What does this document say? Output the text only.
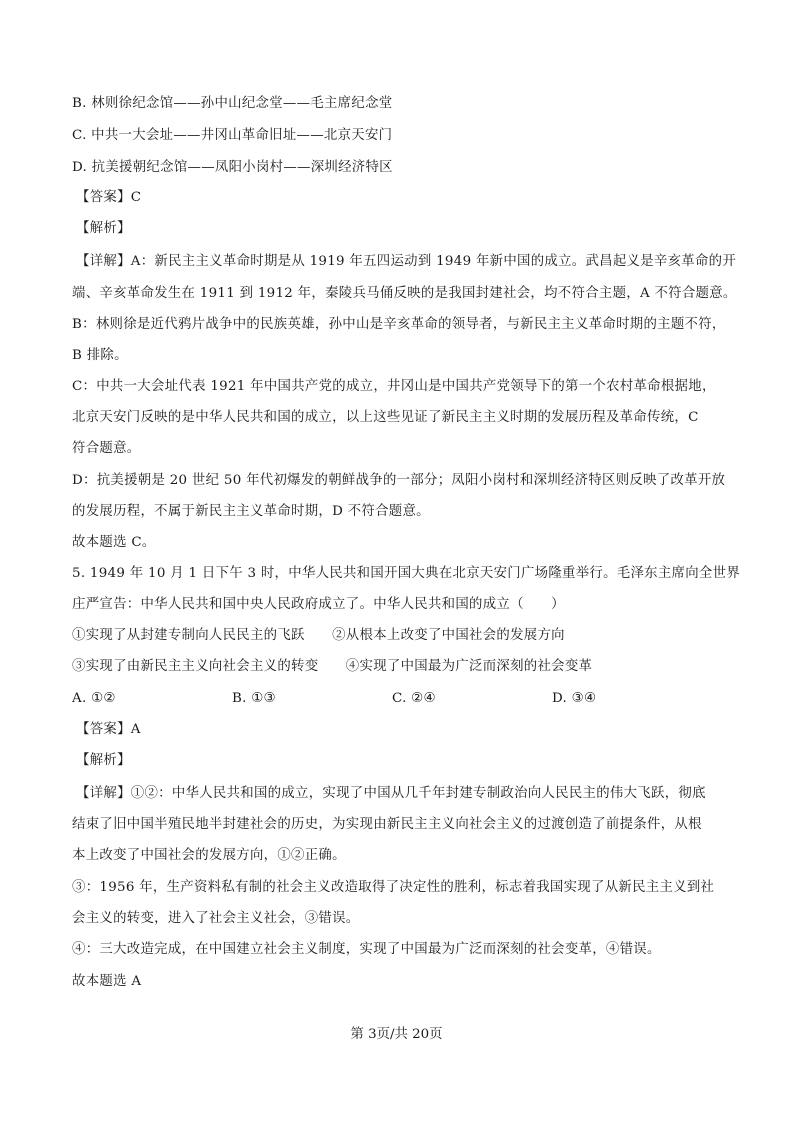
B. 林则徐纪念馆——孙中山纪念堂——毛主席纪念堂
C. 中共一大会址——井冈山革命旧址——北京天安门
D. 抗美援朝纪念馆——凤阳小岗村——深圳经济特区
【答案】C
【解析】
【详解】A：新民主主义革命时期是从 1919 年五四运动到 1949 年新中国的成立。武昌起义是辛亥革命的开
端、辛亥革命发生在 1911 到 1912 年，秦陵兵马俑反映的是我国封建社会，均不符合主题，A 不符合题意。
B：林则徐是近代鸦片战争中的民族英雄，孙中山是辛亥革命的领导者，与新民主主义革命时期的主题不符，
B 排除。
C：中共一大会址代表 1921 年中国共产党的成立，井冈山是中国共产党领导下的第一个农村革命根据地，
北京天安门反映的是中华人民共和国的成立，以上这些见证了新民主主义时期的发展历程及革命传统，C
符合题意。
D：抗美援朝是 20 世纪 50 年代初爆发的朝鲜战争的一部分；凤阳小岗村和深圳经济特区则反映了改革开放
的发展历程，不属于新民主主义革命时期，D 不符合题意。
故本题选 C。
5. 1949 年 10 月 1 日下午 3 时，中华人民共和国开国大典在北京天安门广场隆重举行。毛泽东主席向全世界
庄严宣告：中华人民共和国中央人民政府成立了。中华人民共和国的成立（　　）
①实现了从封建专制向人民民主的飞跃　　②从根本上改变了中国社会的发展方向
③实现了由新民主主义向社会主义的转变　　④实现了中国最为广泛而深刻的社会变革
A. ①②	B. ①③	C. ②④	D. ③④
【答案】A
【解析】
【详解】①②：中华人民共和国的成立，实现了中国从几千年封建专制政治向人民民主的伟大飞跃，彻底
结束了旧中国半殖民地半封建社会的历史，为实现由新民主主义向社会主义的过渡创造了前提条件，从根
本上改变了中国社会的发展方向，①②正确。
③：1956 年，生产资料私有制的社会主义改造取得了决定性的胜利，标志着我国实现了从新民主主义到社
会主义的转变，进入了社会主义社会，③错误。
④：三大改造完成，在中国建立社会主义制度，实现了中国最为广泛而深刻的社会变革，④错误。
故本题选 A
第 3页/共 20页
